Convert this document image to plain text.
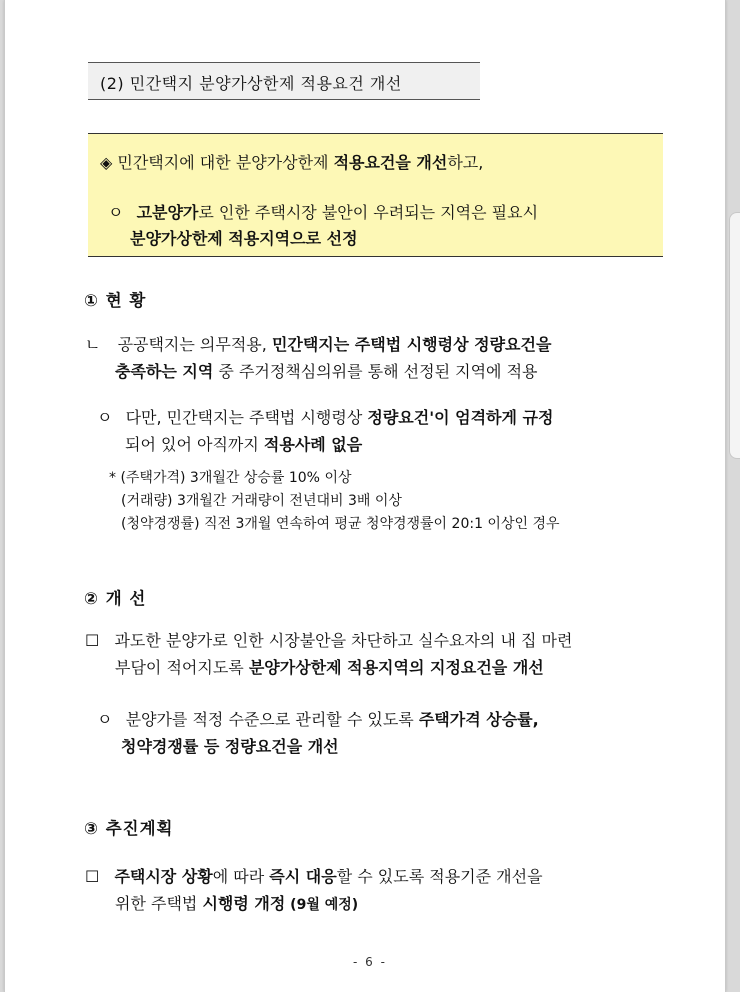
(2) 민간택지 분양가상한제 적용요건 개선
◈ 민간택지에 대한 분양가상한제 적용요건을 개선하고,
ㅇ 고분양가로 인한 주택시장 불안이 우려되는 지역은 필요시
분양가상한제 적용지역으로 선정
① 현 황
ㄴ 공공택지는 의무적용, 민간택지는 주택법 시행령상 정량요건을
충족하는 지역 중 주거정책심의위를 통해 선정된 지역에 적용
ㅇ 다만, 민간택지는 주택법 시행령상 정량요건'이 엄격하게 규정
되어 있어 아직까지 적용사례 없음
* (주택가격) 3개월간 상승률 10% 이상
(거래량) 3개월간 거래량이 전년대비 3배 이상
(청약경쟁률) 직전 3개월 연속하여 평균 청약경쟁률이 20:1 이상인 경우
② 개 선
☐ 과도한 분양가로 인한 시장불안을 차단하고 실수요자의 내 집 마련
부담이 적어지도록 분양가상한제 적용지역의 지정요건을 개선
ㅇ 분양가를 적정 수준으로 관리할 수 있도록 주택가격 상승률,
청약경쟁률 등 정량요건을 개선
③ 추진계획
☐ 주택시장 상황에 따라 즉시 대응할 수 있도록 적용기준 개선을
위한 주택법 시행령 개정 (9월 예정)
- 6 -
